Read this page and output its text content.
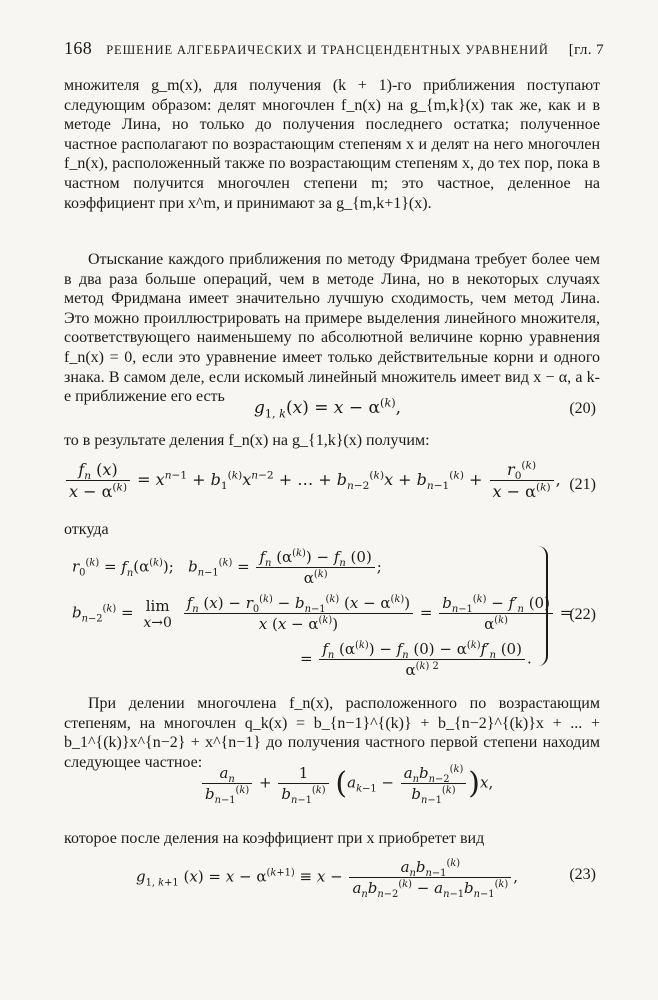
168 РЕШЕНИЕ АЛГЕБРАИЧЕСКИХ И ТРАНСЦЕНДЕНТНЫХ УРАВНЕНИЙ	[гл. 7
множителя g_m(x), для получения (k + 1)-го приближения поступают следующим образом: делят многочлен f_n(x) на g_{m,k}(x) так же, как и в методе Лина, но только до получения последнего остатка; полученное частное располагают по возрастающим степеням x и делят на него многочлен f_n(x), расположенный также по возрастающим степеням x, до тех пор, пока в частном получится многочлен степени m; это частное, деленное на коэффициент при x^m, и принимают за g_{m,k+1}(x).
Отыскание каждого приближения по методу Фридмана требует более чем в два раза больше операций, чем в методе Лина, но в некоторых случаях метод Фридмана имеет значительно лучшую сходимость, чем метод Лина. Это можно проиллюстрировать на примере выделения линейного множителя, соответствующего наименьшему по абсолютной величине корню уравнения f_n(x) = 0, если это уравнение имеет только действительные корни и одного знака. В самом деле, если искомый линейный множитель имеет вид x − α, а k-е приближение его есть
$g_{1, k}(x) = x - \alpha^{(k)}$,	(20)
то в результате деления f_n(x) на g_{1,k}(x) получим:
$\frac{f_n (x)}{x - \alpha^{(k)}} = x^{n-1} + b_1^{(k)}x^{n-2}$ + … + $b_{n-2}^{(k)}x + b_{n-1}^{(k)} + \frac{r_0^{(k)}}{x - \alpha^{(k)}}$ , (21)
откуда
$r_0^{(k)} = f_n(\alpha^{(k)})$;   $b_{n-1}^{(k)} = \frac{f_n (\alpha^{(k)}) - f_n (0)}{\alpha^{(k)}}$ ;
$b_{n-2}^{(k)} = \lim$
x→0
$\frac{f_n (x) - r_0^{(k)} - b_{n-1}^{(k)} (x - \alpha^{(k)})}{x (x - \alpha^{(k)})} = \frac{b_{n-1}^{(k)} - f'_n (0)}{\alpha^{(k)}}$ =
= $\frac{f_n (\alpha^{(k)}) - f_n (0) - \alpha^{(k)}f'_n (0)}{\alpha^{(k) 2}}$ .
(22)
При делении многочлена f_n(x), расположенного по возрастающим степеням, на многочлен q_k(x) = b_{n−1}^{(k)} + b_{n−2}^{(k)}x + ... + b_1^{(k)}x^{n−2} + x^{n−1} до получения частного первой степени находим следующее частное:
$\frac{a_n}{b_{n-1}^{(k)}} + \frac{1}{b_{n-1}^{(k)}} (a_{k-1} - \frac{a_nb_{n-2}^{(k)}}{b_{n-1}^{(k)}} )x$,
которое после деления на коэффициент при x приобретет вид
$g_{1, k+1}$ $(x) = x - \alpha^{(k+1)} \equiv x - \frac{a_nb_{n-1}^{(k)}}{a_nb_{n-2}^{(k)} - a_{n-1}b_{n-1}^{(k)}}$ ,	(23)
